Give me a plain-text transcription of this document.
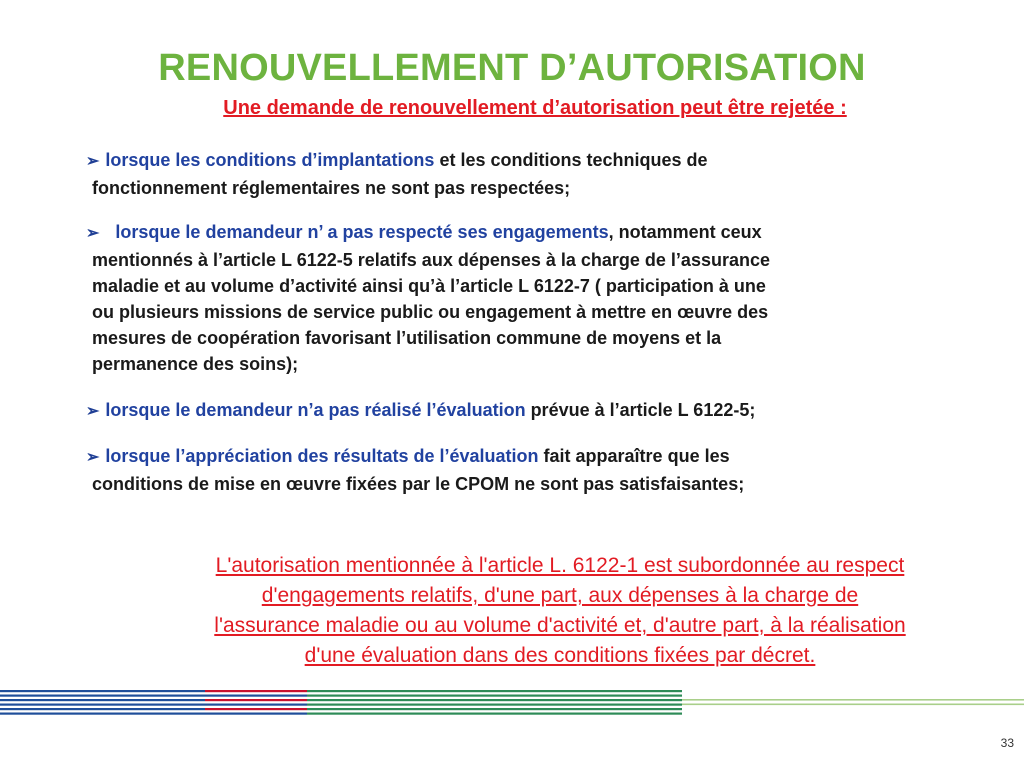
RENOUVELLEMENT D’AUTORISATION
Une demande de renouvellement d’autorisation peut être rejetée :
➢ lorsque les conditions d’implantations et les conditions techniques de
fonctionnement réglementaires ne sont pas respectées;
➢ lorsque le demandeur n’ a pas respecté ses engagements, notamment ceux
mentionnés à l’article L 6122-5 relatifs aux dépenses à la charge de l’assurance
maladie et au volume d’activité ainsi qu’à l’article L 6122-7 ( participation à une
ou plusieurs missions de service public ou engagement à mettre en œuvre des
mesures de coopération favorisant l’utilisation commune de moyens et la
permanence des soins);
➢ lorsque le demandeur n’a pas réalisé l’évaluation prévue à l’article L 6122-5;
➢ lorsque l’appréciation des résultats de l’évaluation fait apparaître que les
conditions de mise en œuvre fixées par le CPOM ne sont pas satisfaisantes;
L'autorisation mentionnée à l'article L. 6122-1 est subordonnée au respect
d'engagements relatifs, d'une part, aux dépenses à la charge de
l'assurance maladie ou au volume d'activité et, d'autre part, à la réalisation
d'une évaluation dans des conditions fixées par décret.
33
